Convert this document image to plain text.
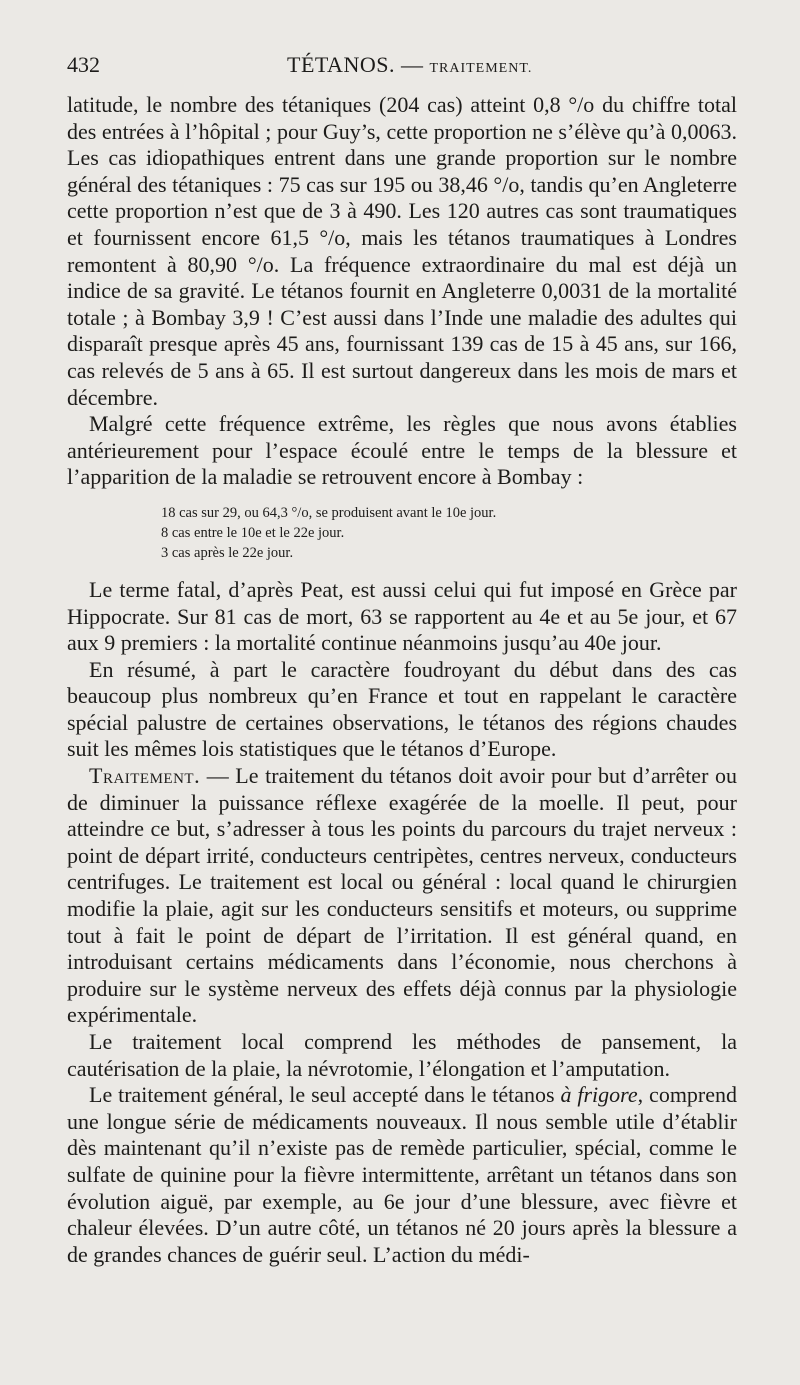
432	TÉTANOS. — TRAITEMENT.

latitude, le nombre des tétaniques (204 cas) atteint 0,8 °/o du chiffre total des entrées à l’hôpital ; pour Guy’s, cette proportion ne s’élève qu’à 0,0063. Les cas idiopathiques entrent dans une grande proportion sur le nombre général des tétaniques : 75 cas sur 195 ou 38,46 °/o, tandis qu’en Angleterre cette proportion n’est que de 3 à 490. Les 120 autres cas sont traumatiques et fournissent encore 61,5 °/o, mais les tétanos traumatiques à Londres remontent à 80,90 °/o. La fréquence extraordinaire du mal est déjà un indice de sa gravité. Le tétanos fournit en Angleterre 0,0031 de la mortalité totale ; à Bombay 3,9 ! C’est aussi dans l’Inde une maladie des adultes qui disparaît presque après 45 ans, fournissant 139 cas de 15 à 45 ans, sur 166, cas relevés de 5 ans à 65. Il est surtout dangereux dans les mois de mars et décembre.

Malgré cette fréquence extrême, les règles que nous avons établies antérieurement pour l’espace écoulé entre le temps de la blessure et l’apparition de la maladie se retrouvent encore à Bombay :

18 cas sur 29, ou 64,3 °/o, se produisent avant le 10e jour.
8 cas entre le 10e et le 22e jour.
3 cas après le 22e jour.

Le terme fatal, d’après Peat, est aussi celui qui fut imposé en Grèce par Hippocrate. Sur 81 cas de mort, 63 se rapportent au 4e et au 5e jour, et 67 aux 9 premiers : la mortalité continue néanmoins jusqu’au 40e jour.

En résumé, à part le caractère foudroyant du début dans des cas beaucoup plus nombreux qu’en France et tout en rappelant le caractère spécial palustre de certaines observations, le tétanos des régions chaudes suit les mêmes lois statistiques que le tétanos d’Europe.

Traitement. — Le traitement du tétanos doit avoir pour but d’arrêter ou de diminuer la puissance réflexe exagérée de la moelle. Il peut, pour atteindre ce but, s’adresser à tous les points du parcours du trajet nerveux : point de départ irrité, conducteurs centripètes, centres nerveux, conducteurs centrifuges. Le traitement est local ou général : local quand le chirurgien modifie la plaie, agit sur les conducteurs sensitifs et moteurs, ou supprime tout à fait le point de départ de l’irritation. Il est général quand, en introduisant certains médicaments dans l’économie, nous cherchons à produire sur le système nerveux des effets déjà connus par la physiologie expérimentale.

Le traitement local comprend les méthodes de pansement, la cautérisation de la plaie, la névrotomie, l’élongation et l’amputation.

Le traitement général, le seul accepté dans le tétanos à frigore, comprend une longue série de médicaments nouveaux. Il nous semble utile d’établir dès maintenant qu’il n’existe pas de remède particulier, spécial, comme le sulfate de quinine pour la fièvre intermittente, arrêtant un tétanos dans son évolution aiguë, par exemple, au 6e jour d’une blessure, avec fièvre et chaleur élevées. D’un autre côté, un tétanos né 20 jours après la blessure a de grandes chances de guérir seul. L’action du médi-
